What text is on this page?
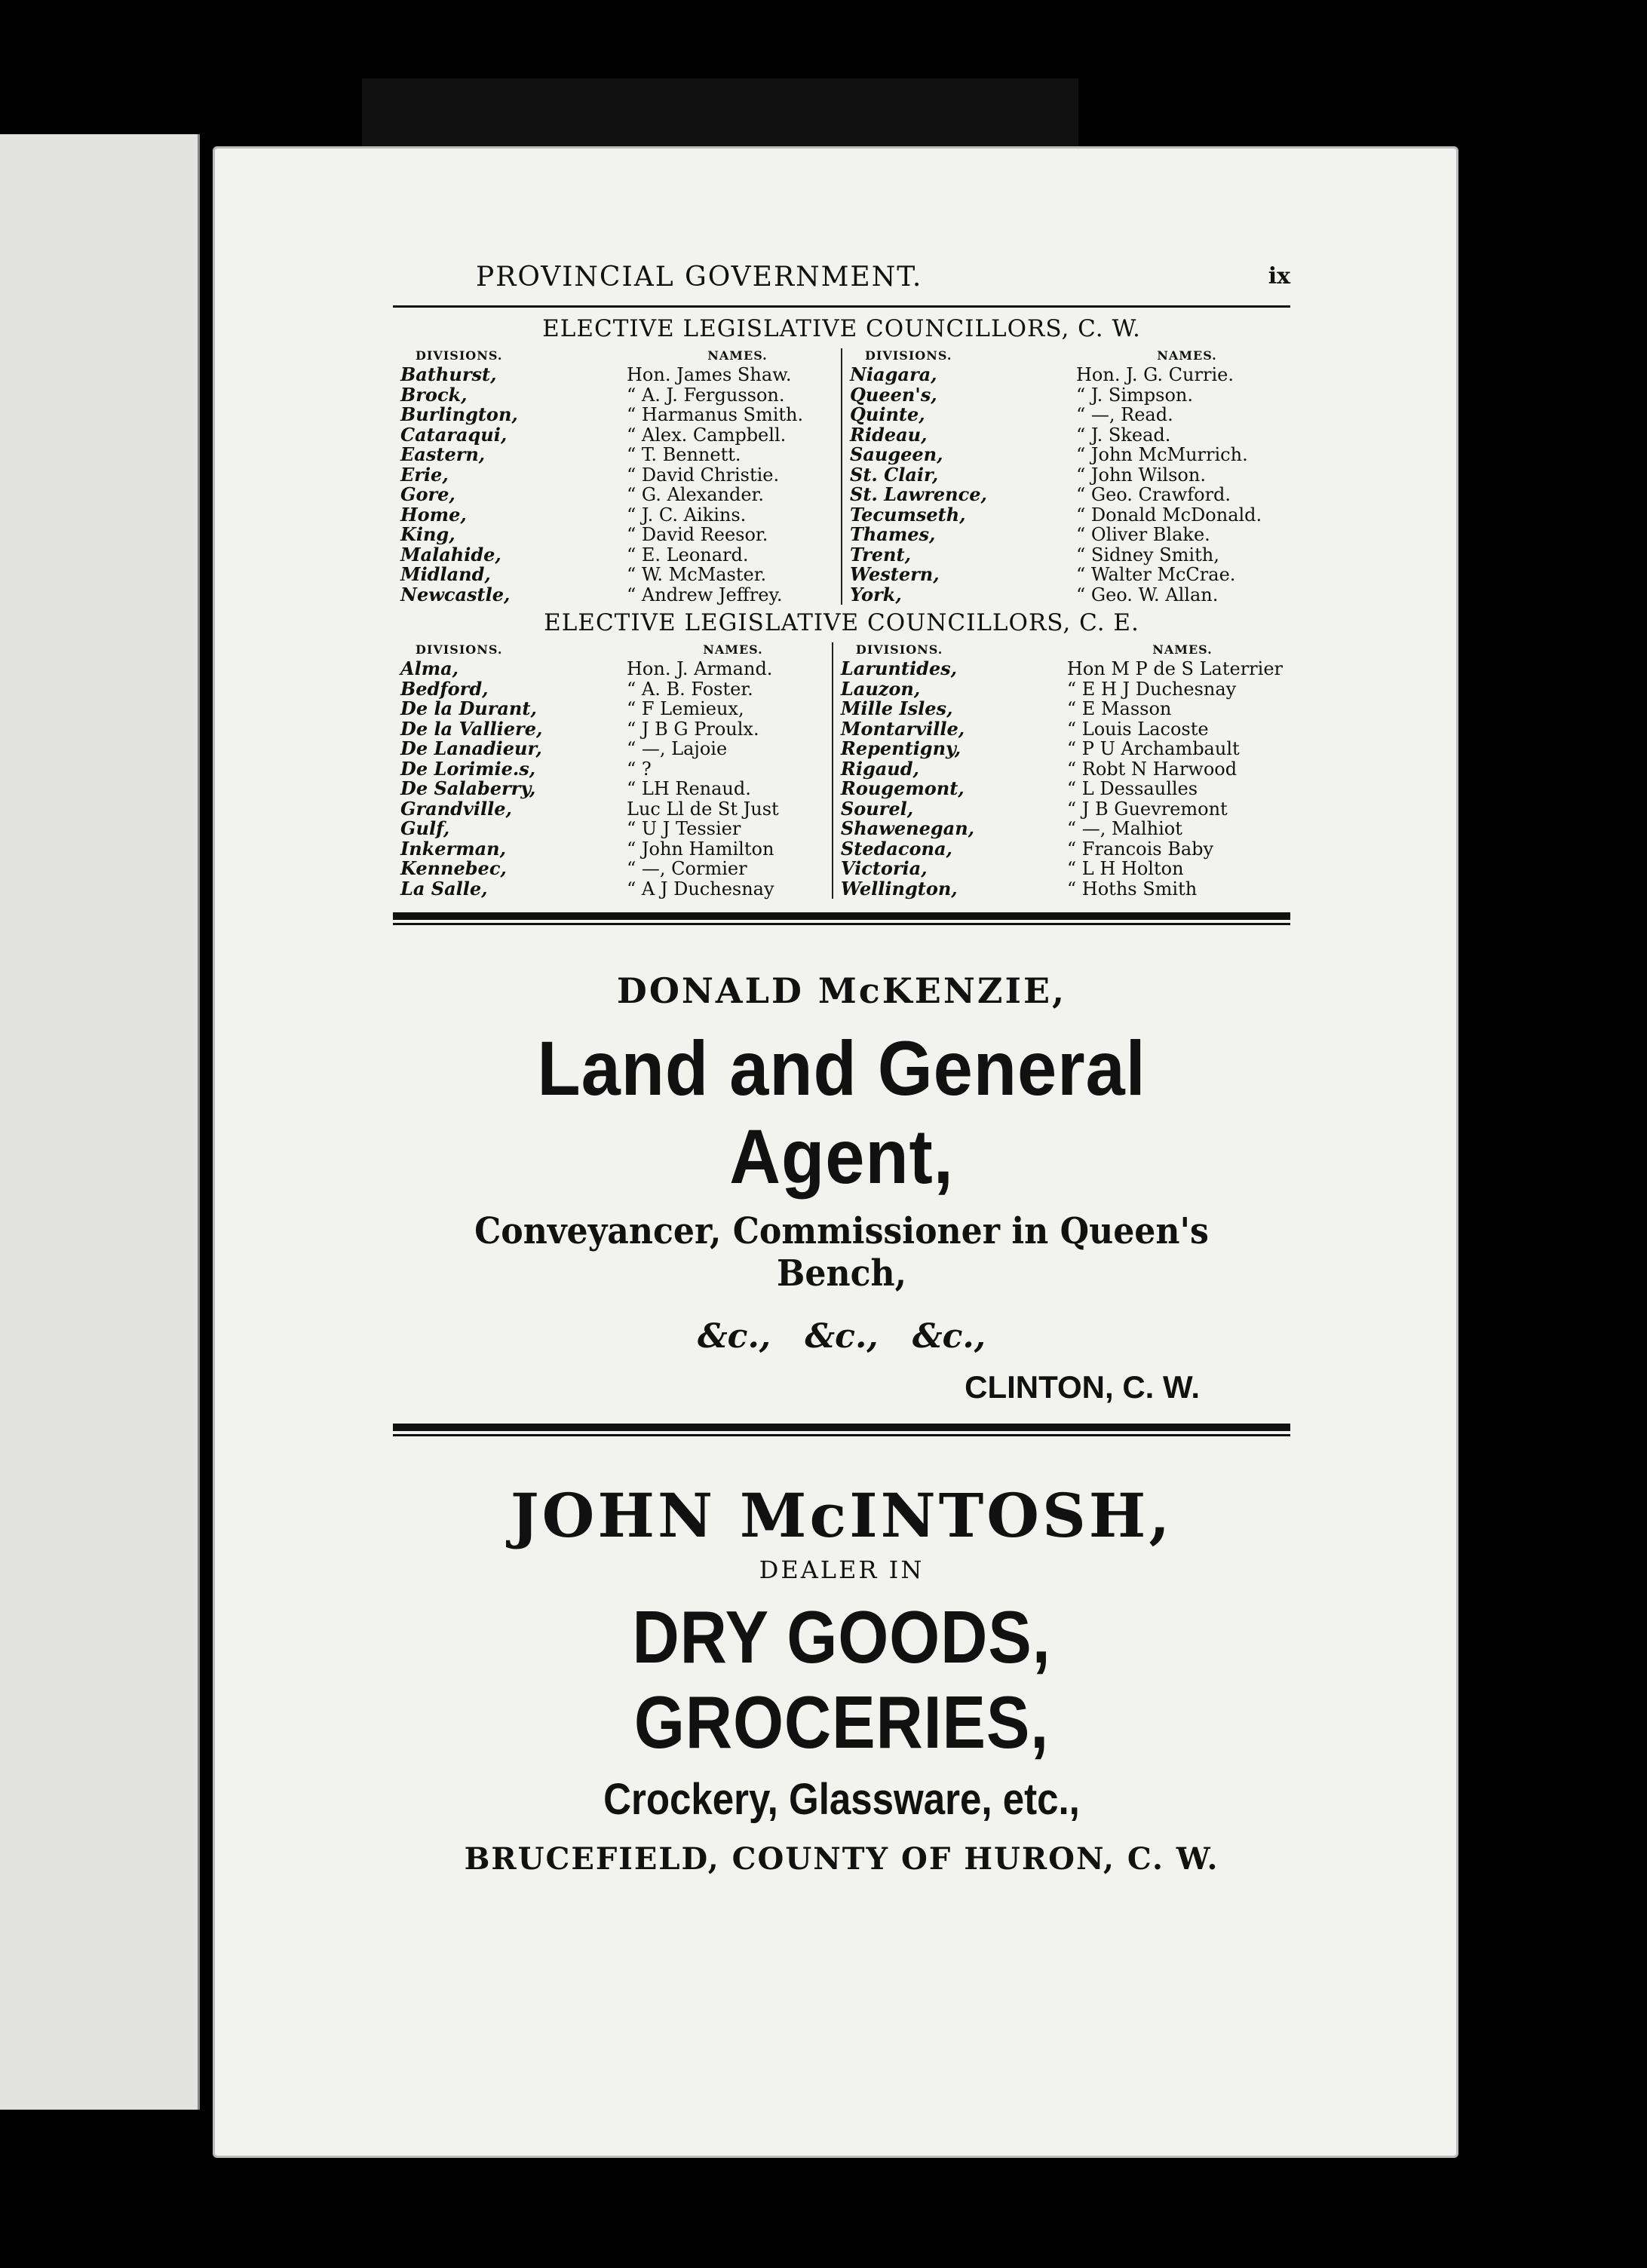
PROVINCIAL GOVERNMENT.	ix
ELECTIVE LEGISLATIVE COUNCILLORS, C. W.
DIVISIONS.	NAMES.
Bathurst,	Hon. James Shaw.
Brock,	“ A. J. Fergusson.
Burlington,	“ Harmanus Smith.
Cataraqui,	“ Alex. Campbell.
Eastern,	“ T. Bennett.
Erie,	“ David Christie.
Gore,	“ G. Alexander.
Home,	“ J. C. Aikins.
King,	“ David Reesor.
Malahide,	“ E. Leonard.
Midland,	“ W. McMaster.
Newcastle,	“ Andrew Jeffrey.
DIVISIONS.	NAMES.
Niagara,	Hon. J. G. Currie.
Queen's,	“ J. Simpson.
Quinte,	“ —, Read.
Rideau,	“ J. Skead.
Saugeen,	“ John McMurrich.
St. Clair,	“ John Wilson.
St. Lawrence,	“ Geo. Crawford.
Tecumseth,	“ Donald McDonald.
Thames,	“ Oliver Blake.
Trent,	“ Sidney Smith,
Western,	“ Walter McCrae.
York,	“ Geo. W. Allan.
ELECTIVE LEGISLATIVE COUNCILLORS, C. E.
DIVISIONS.	NAMES.
Alma,	Hon. J. Armand.
Bedford,	“ A. B. Foster.
De la Durant,	“ F Lemieux,
De la Valliere,	“ J B G Proulx.
De Lanadieur,	“ —, Lajoie
De Lorimie.s,	“ ?
De Salaberry,	“ LH Renaud.
Grandville,	Luc Ll de St Just
Gulf,	“ U J Tessier
Inkerman,	“ John Hamilton
Kennebec,	“ —, Cormier
La Salle,	“ A J Duchesnay
DIVISIONS.	NAMES.
Laruntides,	Hon M P de S Laterrier
Lauzon,	“ E H J Duchesnay
Mille Isles,	“ E Masson
Montarville,	“ Louis Lacoste
Repentigny,	“ P U Archambault
Rigaud,	“ Robt N Harwood
Rougemont,	“ L Dessaulles
Sourel,	“ J B Guevremont
Shawenegan,	“ —, Malhiot
Stedacona,	“ Francois Baby
Victoria,	“ L H Holton
Wellington,	“ Hoths Smith
DONALD McKENZIE,
Land and General Agent,
Conveyancer, Commissioner in Queen's Bench,
&c., &c., &c.,
CLINTON, C. W.
JOHN McINTOSH,
DEALER IN
DRY GOODS, GROCERIES,
Crockery, Glassware, etc.,
BRUCEFIELD, COUNTY OF HURON, C. W.
